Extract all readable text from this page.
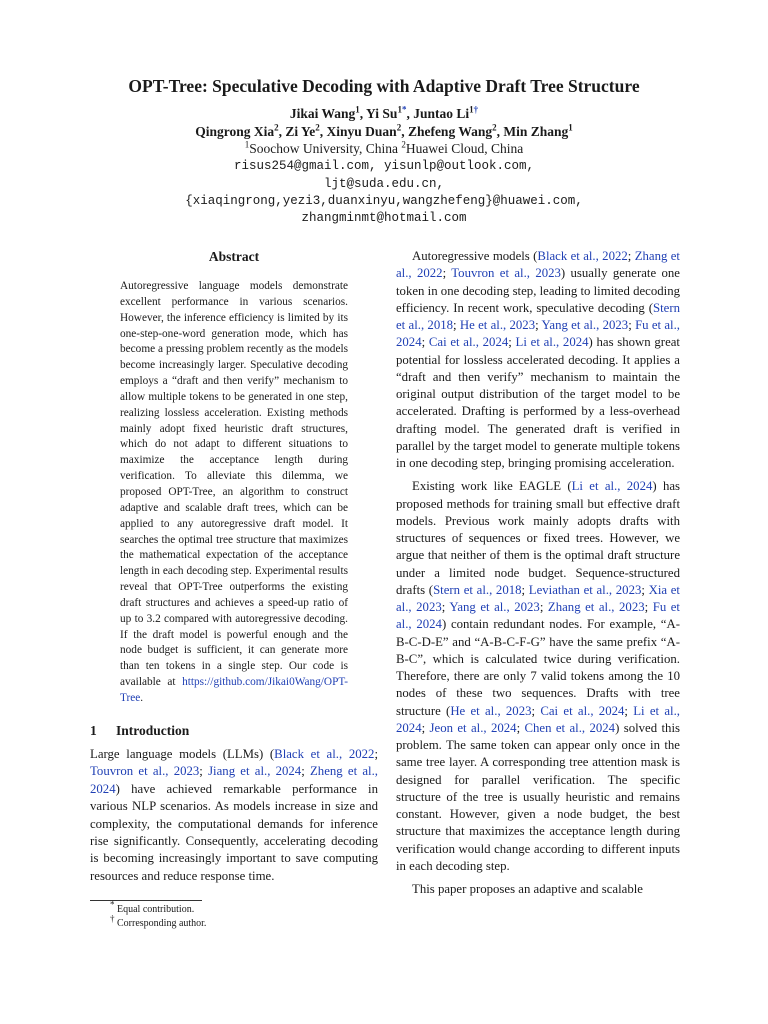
OPT-Tree: Speculative Decoding with Adaptive Draft Tree Structure
Jikai Wang$^1$, Yi $Su^{1*}$, Juntao $Li^{1\dagger}$
Qingrong Xia$^2$, Zi Ye$^2$, Xinyu Duan$^2$, Zhefeng Wang$^2$, Min Zhang$^1$
$^1$Soochow University, China $^2$Huawei Cloud, China
risus254@gmail.com, yisunlp@outlook.com,
ljt@suda.edu.cn,
{xiaqingrong,yezi3,duanxinyu,wangzhefeng}@huawei.com,
zhangminmt@hotmail.com
Abstract
Autoregressive language models demonstrate excellent performance in various scenarios. However, the inference efficiency is limited by its one-step-one-word generation mode, which has become a pressing problem recently as the models become increasingly larger. Speculative decoding employs a “draft and then verify” mechanism to allow multiple tokens to be generated in one step, realizing lossless acceleration. Existing methods mainly adopt fixed heuristic draft structures, which do not adapt to different situations to maximize the acceptance length during verification. To alleviate this dilemma, we proposed OPT-Tree, an algorithm to construct adaptive and scalable draft trees, which can be applied to any autoregressive draft model. It searches the optimal tree structure that maximizes the mathematical expectation of the acceptance length in each decoding step. Experimental results reveal that OPT-Tree outperforms the existing draft structures and achieves a speed-up ratio of up to 3.2 compared with autoregressive decoding. If the draft model is powerful enough and the node budget is sufficient, it can generate more than ten tokens in a single step. Our code is available at https://github.com/Jikai0Wang/OPT-Tree.
1 Introduction

Large language models (LLMs) (Black et al., 2022; Touvron et al., 2023; Jiang et al., 2024; Zheng et al., 2024) have achieved remarkable performance in various NLP scenarios. As models increase in size and complexity, the computational demands for inference rise significantly. Consequently, accelerating decoding is becoming increasingly important to save computing resources and reduce response time.

* Equal contribution.
† Corresponding author.

Autoregressive models (Black et al., 2022; Zhang et al., 2022; Touvron et al., 2023) usually generate one token in one decoding step, leading to limited decoding efficiency. In recent work, speculative decoding (Stern et al., 2018; He et al., 2023; Yang et al., 2023; Fu et al., 2024; Cai et al., 2024; Li et al., 2024) has shown great potential for lossless accelerated decoding. It applies a “draft and then verify” mechanism to maintain the original output distribution of the target model to be accelerated. Drafting is performed by a less-overhead drafting model. The generated draft is verified in parallel by the target model to generate multiple tokens in one decoding step, bringing promising acceleration.

Existing work like EAGLE (Li et al., 2024) has proposed methods for training small but effective draft models. Previous work mainly adopts drafts with structures of sequences or fixed trees. However, we argue that neither of them is the optimal draft structure under a limited node budget. Sequence-structured drafts (Stern et al., 2018; Leviathan et al., 2023; Xia et al., 2023; Yang et al., 2023; Zhang et al., 2023; Fu et al., 2024) contain redundant nodes. For example, “A-B-C-D-E” and “A-B-C-F-G” have the same prefix “A-B-C”, which is calculated twice during verification. Therefore, there are only 7 valid tokens among the 10 nodes of these two sequences. Drafts with tree structure (He et al., 2023; Cai et al., 2024; Li et al., 2024; Jeon et al., 2024; Chen et al., 2024) solved this problem. The same token can appear only once in the same tree layer. A corresponding tree attention mask is designed for parallel verification. The specific structure of the tree is usually heuristic and remains constant. However, given a node budget, the best structure that maximizes the acceptance length during verification would change according to different inputs in each decoding step.

This paper proposes an adaptive and scalable
